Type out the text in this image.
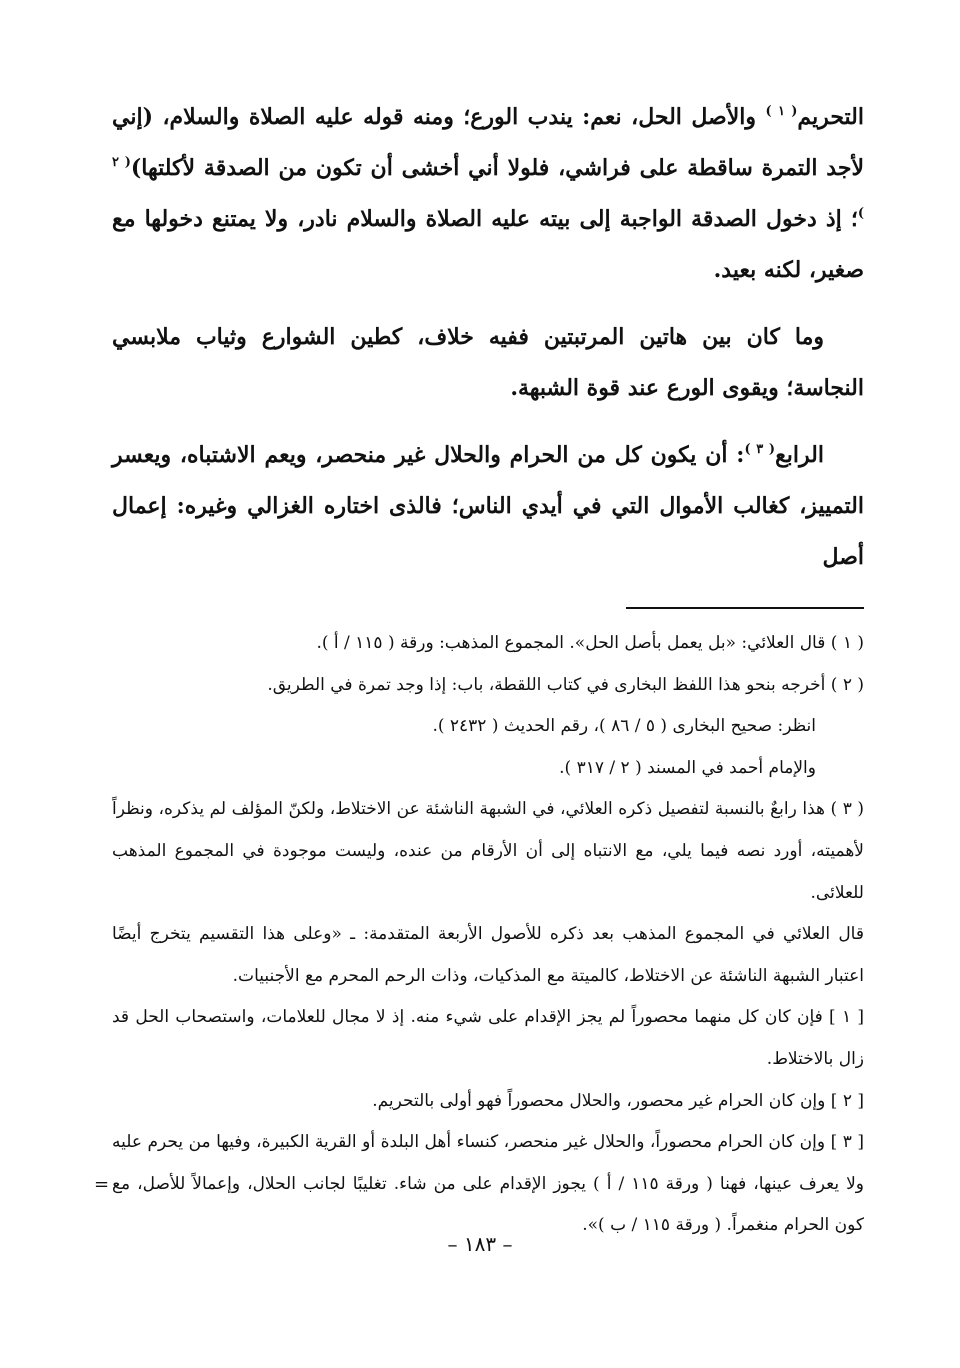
التحريم$^{( ١ )}$ والأصل الحل، نعم: يندب الورع؛ ومنه قوله عليه الصلاة والسلام، (إني لأجد التمرة ساقطة على فراشي، فلولا أني أخشى أن تكون من الصدقة لأكلتها)$^{( ٢ )}$؛ إذ دخول الصدقة الواجبة إلى بيته عليه الصلاة والسلام نادر، ولا يمتنع دخولها مع صغير، لكنه بعيد.

وما كان بين هاتين المرتبتين ففيه خلاف، كطين الشوارع وثياب ملابسي النجاسة؛ ويقوى الورع عند قوة الشبهة.

الرابع$^{( ٣ )}$: أن يكون كل من الحرام والحلال غير منحصر، ويعم الاشتباه، ويعسر التمييز، كغالب الأموال التي في أيدي الناس؛ فالذى اختاره الغزالي وغيره: إعمال أصل

( ١ ) قال العلائي: «بل يعمل بأصل الحل». المجموع المذهب: ورقة ( ١١٥ / أ ).
( ٢ ) أخرجه بنحو هذا اللفظ البخارى في كتاب اللقطة، باب: إذا وجد تمرة في الطريق.
انظر: صحيح البخارى ( ٥ / ٨٦ )، رقم الحديث ( ٢٤٣٢ ).
والإمام أحمد في المسند ( ٢ / ٣١٧ ).
( ٣ ) هذا رابعٌ بالنسبة لتفصيل ذكره العلائي، في الشبهة الناشئة عن الاختلاط، ولكنّ المؤلف لم يذكره، ونظراً لأهميته، أورد نصه فيما يلي، مع الانتباه إلى أن الأرقام من عنده، وليست موجودة في المجموع المذهب للعلائى.
قال العلائي في المجموع المذهب بعد ذكره للأصول الأربعة المتقدمة: ـ «وعلى هذا التقسيم يتخرج أيضًا اعتبار الشبهة الناشئة عن الاختلاط، كالميتة مع المذكيات، وذات الرحم المحرم مع الأجنبيات.
[ ١ ] فإن كان كل منهما محصوراً لم يجز الإقدام على شيء منه. إذ لا مجال للعلامات، واستصحاب الحل قد زال بالاختلاط.
[ ٢ ] وإن كان الحرام غير محصور، والحلال محصوراً فهو أولى بالتحريم.
[ ٣ ] وإن كان الحرام محصوراً، والحلال غير منحصر، كنساء أهل البلدة أو القرية الكبيرة، وفيها من يحرم عليه ولا يعرف عينها، فهنا ( ورقة ١١٥ / أ ) يجوز الإقدام على من شاء. تغليبًا لجانب الحلال، وإعمالاً للأصل، مع كون الحرام منغمراً. ( ورقة ١١٥ / ب )».
=
– ١٨٣ –
